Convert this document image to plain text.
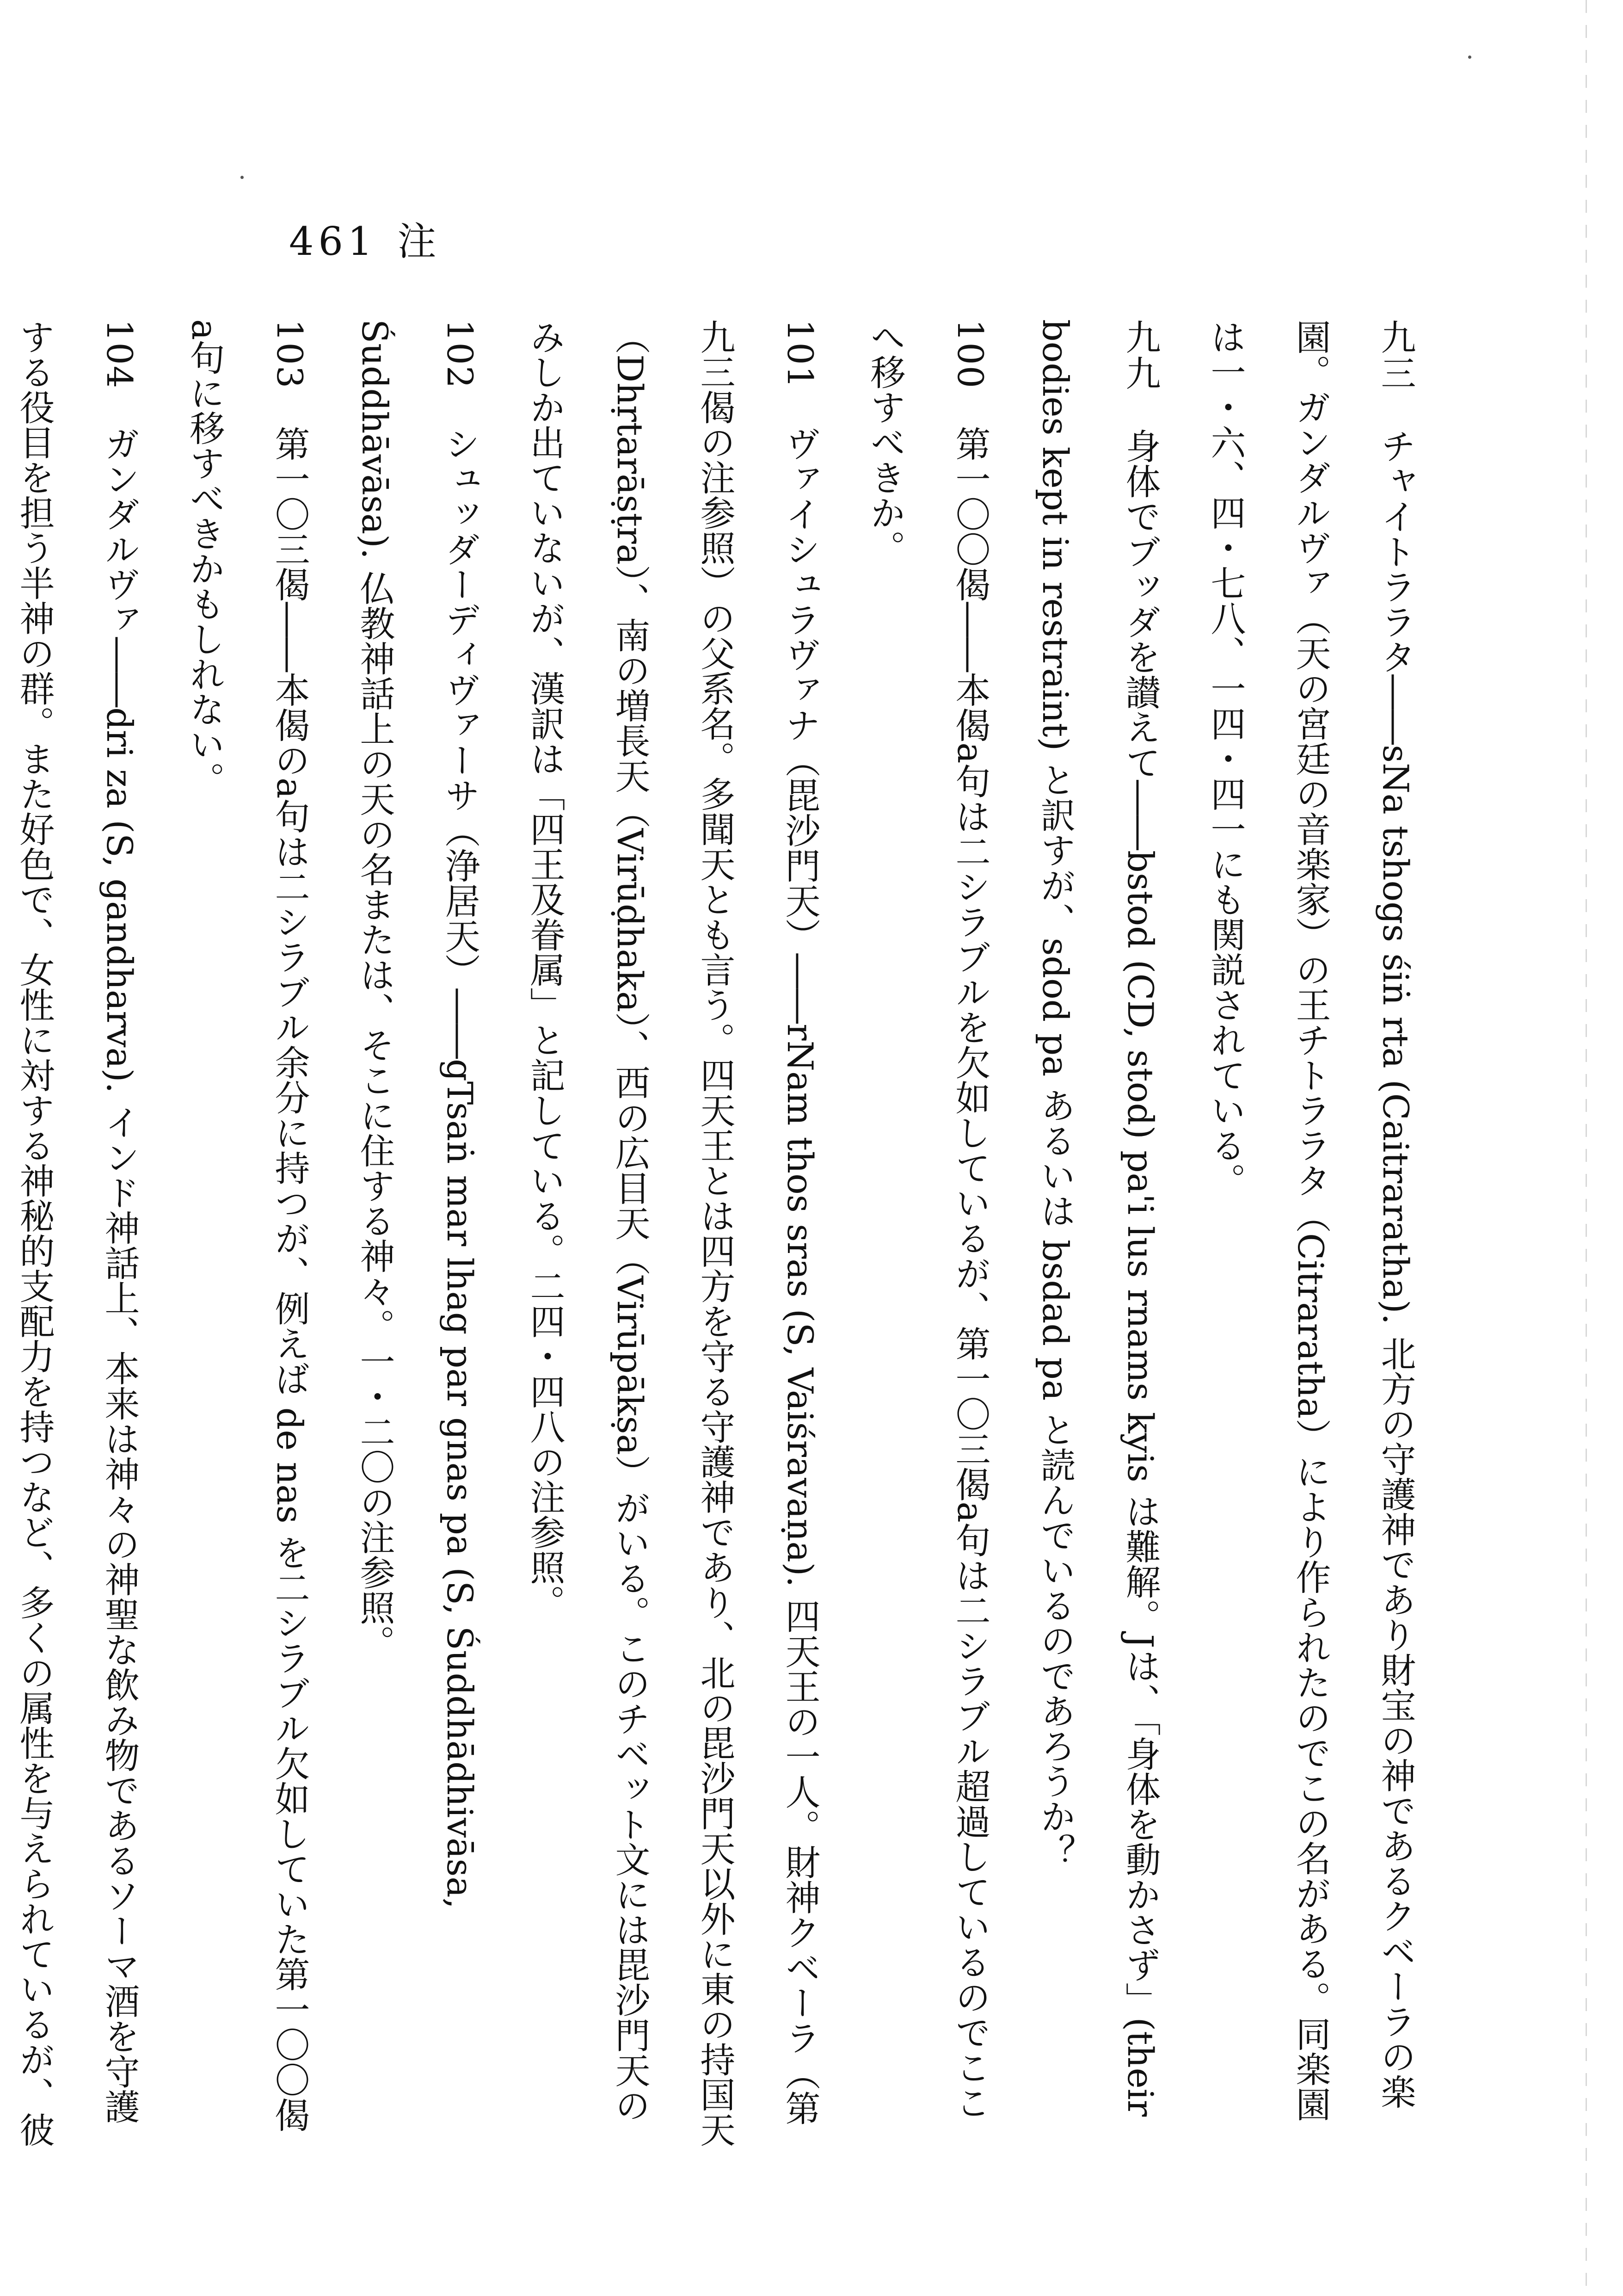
461 注
九三 チャイトララタ――sNa tshogs śiṅ rta (Caitraratha). 北方の守護神であり財宝の神であるクベーラの楽園。ガンダルヴァ（天の宮廷の音楽家）の王チトララタ（Citraratha）により作られたのでこの名がある。同楽園は一・六、四・七八、一四・四一にも関説されている。
九九 身体でブッダを讃えて――bstod (CD, stod) pa'i lus rnams kyis は難解。Jは、「身体を動かさず」(their bodies kept in restraint) と訳すが、sdod pa あるいは bsdad pa と読んでいるのであろうか？
100 第一〇〇偈――本偈a句は二シラブルを欠如しているが、第一〇三偈a句は二シラブル超過しているのでここへ移すべきか。
101 ヴァイシュラヴァナ（毘沙門天）――rNam thos sras (S, Vaiśravaṇa). 四天王の一人。財神クベーラ（第九三偈の注参照）の父系名。多聞天とも言う。四天王とは四方を守る守護神であり、北の毘沙門天以外に東の持国天（Dhṛtarāṣṭra）、南の増長天（Virūḍhaka）、西の広目天（Virūpākṣa）がいる。このチベット文には毘沙門天のみしか出ていないが、漢訳は「四王及眷属」と記している。二四・四八の注参照。
102 シュッダーディヴァーサ（浄居天）――gTsaṅ mar lhag par gnas pa (S, Śuddhādhivāsa, Śuddhāvāsa). 仏教神話上の天の名または、そこに住する神々。一・二〇の注参照。
103 第一〇三偈――本偈のa句は二シラブル余分に持つが、例えば de nas を二シラブル欠如していた第一〇〇偈a句に移すべきかもしれない。
104 ガンダルヴァ――dri za (S, gandharva). インド神話上、本来は神々の神聖な飲み物であるソーマ酒を守護する役目を担う半神の群。また好色で、女性に対する神秘的支配力を持つなど、多くの属性を与えられているが、彼
